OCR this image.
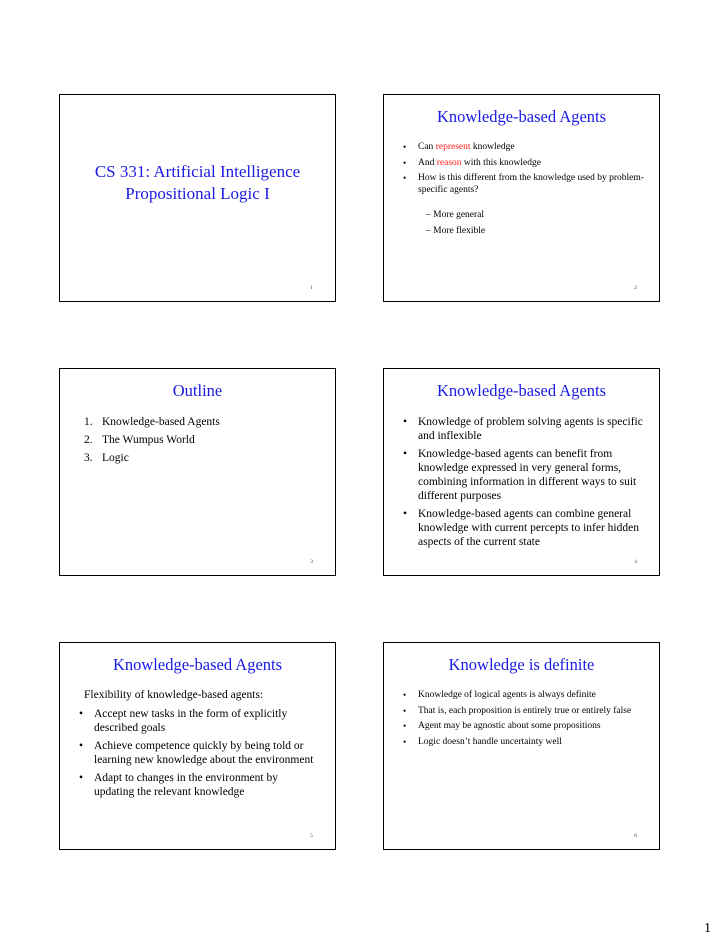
CS 331: Artificial Intelligence
Propositional Logic I
1
Knowledge-based Agents
• Can represent knowledge
• And reason with this knowledge
• How is this different from the knowledge used by problem-specific agents?
– More general
– More flexible
2
Outline
1. Knowledge-based Agents
2. The Wumpus World
3. Logic
3
Knowledge-based Agents
• Knowledge of problem solving agents is specific and inflexible
• Knowledge-based agents can benefit from knowledge expressed in very general forms, combining information in different ways to suit different purposes
• Knowledge-based agents can combine general knowledge with current percepts to infer hidden aspects of the current state
4
Knowledge-based Agents
Flexibility of knowledge-based agents:
• Accept new tasks in the form of explicitly described goals
• Achieve competence quickly by being told or learning new knowledge about the environment
• Adapt to changes in the environment by updating the relevant knowledge
5
Knowledge is definite
• Knowledge of logical agents is always definite
• That is, each proposition is entirely true or entirely false
• Agent may be agnostic about some propositions
• Logic doesn’t handle uncertainty well
6
1
